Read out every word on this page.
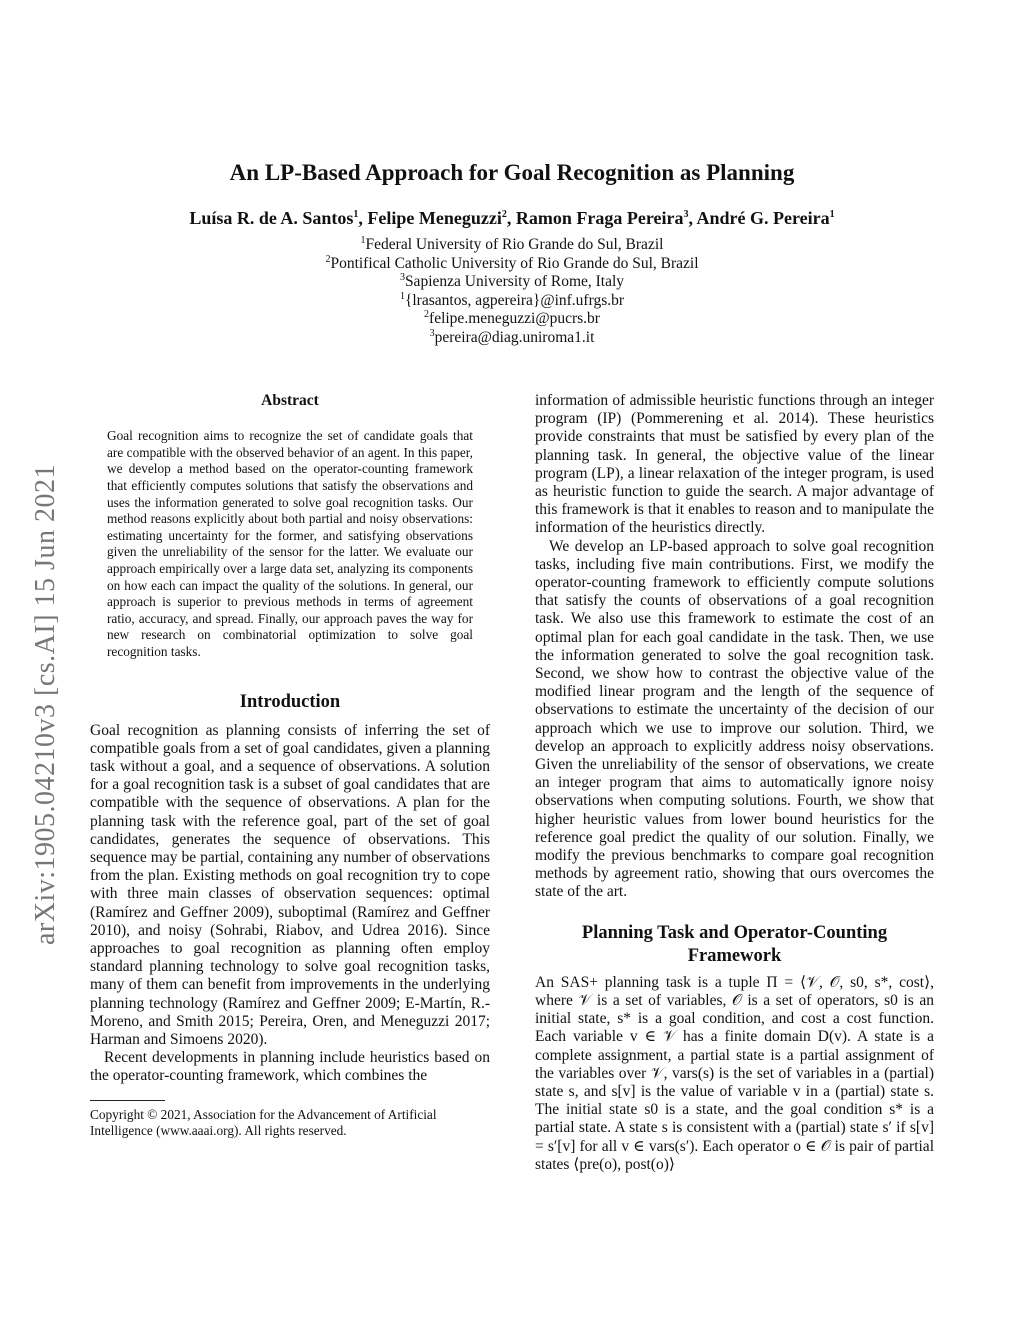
arXiv:1905.04210v3 [cs.AI] 15 Jun 2021
An LP-Based Approach for Goal Recognition as Planning
Luísa R. de A. Santos$^1$, Felipe Meneguzzi$^2$, Ramon Fraga Pereira$^3$, André G. Pereira$^1$
$^1$Federal University of Rio Grande do Sul, Brazil
$^2$Pontifical Catholic University of Rio Grande do Sul, Brazil
$^3$Sapienza University of Rome, Italy
$^1${lrasantos, agpereira}@inf.ufrgs.br
$^2$felipe.meneguzzi@pucrs.br
$^3$pereira@diag.uniroma1.it
Abstract

Goal recognition aims to recognize the set of candidate goals that are compatible with the observed behavior of an agent. In this paper, we develop a method based on the operator-counting framework that efficiently computes solutions that satisfy the observations and uses the information generated to solve goal recognition tasks. Our method reasons explicitly about both partial and noisy observations: estimating uncertainty for the former, and satisfying observations given the unreliability of the sensor for the latter. We evaluate our approach empirically over a large data set, analyzing its components on how each can impact the quality of the solutions. In general, our approach is superior to previous methods in terms of agreement ratio, accuracy, and spread. Finally, our approach paves the way for new research on combinatorial optimization to solve goal recognition tasks.

Introduction

Goal recognition as planning consists of inferring the set of compatible goals from a set of goal candidates, given a planning task without a goal, and a sequence of observations. A solution for a goal recognition task is a subset of goal candidates that are compatible with the sequence of observations. A plan for the planning task with the reference goal, part of the set of goal candidates, generates the sequence of observations. This sequence may be partial, containing any number of observations from the plan. Existing methods on goal recognition try to cope with three main classes of observation sequences: optimal (Ramírez and Geffner 2009), suboptimal (Ramírez and Geffner 2010), and noisy (Sohrabi, Riabov, and Udrea 2016). Since approaches to goal recognition as planning often employ standard planning technology to solve goal recognition tasks, many of them can benefit from improvements in the underlying planning technology (Ramírez and Geffner 2009; E-Martín, R.-Moreno, and Smith 2015; Pereira, Oren, and Meneguzzi 2017; Harman and Simoens 2020).

Recent developments in planning include heuristics based on the operator-counting framework, which combines the

Copyright © 2021, Association for the Advancement of Artificial Intelligence (www.aaai.org). All rights reserved.

information of admissible heuristic functions through an integer program (IP) (Pommerening et al. 2014). These heuristics provide constraints that must be satisfied by every plan of the planning task. In general, the objective value of the linear program (LP), a linear relaxation of the integer program, is used as heuristic function to guide the search. A major advantage of this framework is that it enables to reason and to manipulate the information of the heuristics directly.

We develop an LP-based approach to solve goal recognition tasks, including five main contributions. First, we modify the operator-counting framework to efficiently compute solutions that satisfy the counts of observations of a goal recognition task. We also use this framework to estimate the cost of an optimal plan for each goal candidate in the task. Then, we use the information generated to solve the goal recognition task. Second, we show how to contrast the objective value of the modified linear program and the length of the sequence of observations to estimate the uncertainty of the decision of our approach which we use to improve our solution. Third, we develop an approach to explicitly address noisy observations. Given the unreliability of the sensor of observations, we create an integer program that aims to automatically ignore noisy observations when computing solutions. Fourth, we show that higher heuristic values from lower bound heuristics for the reference goal predict the quality of our solution. Finally, we modify the previous benchmarks to compare goal recognition methods by agreement ratio, showing that ours overcomes the state of the art.

Planning Task and Operator-Counting Framework

An SAS+ planning task is a tuple Π = ⟨𝒱, 𝒪, s0, s*, cost⟩, where 𝒱 is a set of variables, 𝒪 is a set of operators, s0 is an initial state, s* is a goal condition, and cost a cost function. Each variable v ∈ 𝒱 has a finite domain D(v). A state is a complete assignment, a partial state is a partial assignment of the variables over 𝒱, vars(s) is the set of variables in a (partial) state s, and s[v] is the value of variable v in a (partial) state s. The initial state s0 is a state, and the goal condition s* is a partial state. A state s is consistent with a (partial) state s′ if s[v] = s′[v] for all v ∈ vars(s′). Each operator o ∈ 𝒪 is pair of partial states ⟨pre(o), post(o)⟩
